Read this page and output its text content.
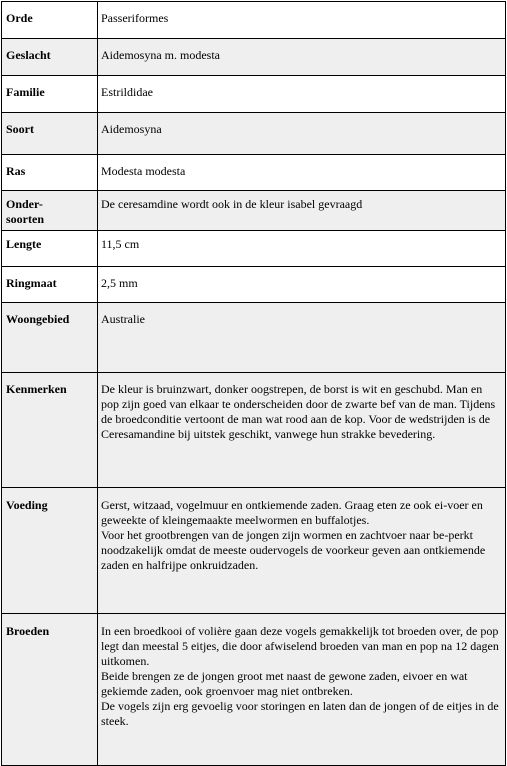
Orde	Passeriformes

Geslacht	Aidemosyna m. modesta

Familie	Estrildidae

Soort	Aidemosyna

Ras	Modesta modesta

Onder-
soorten	De ceresamdine wordt ook in de kleur isabel gevraagd

Lengte	11,5 cm

Ringmaat	2,5 mm

Woongebied	Australie

Kenmerken	De kleur is bruinzwart, donker oogstrepen, de borst is wit en geschubd. Man en pop zijn goed van elkaar te onderscheiden door de zwarte bef van de man. Tijdens de broedconditie vertoont de man wat rood aan de kop. Voor de wedstrijden is de Ceresamandine bij uitstek geschikt, vanwege hun strakke bevedering.

Voeding	Gerst, witzaad, vogelmuur en ontkiemende zaden. Graag eten ze ook ei-voer en geweekte of kleingemaakte meelwormen en buffalotjes.
Voor het grootbrengen van de jongen zijn wormen en zachtvoer naar be-perkt noodzakelijk omdat de meeste oudervogels de voorkeur geven aan ontkiemende zaden en halfrijpe onkruidzaden.

Broeden	In een broedkooi of volière gaan deze vogels gemakkelijk tot broeden over, de pop legt dan meestal 5 eitjes, die door afwiselend broeden van man en pop na 12 dagen uitkomen.
Beide brengen ze de jongen groot met naast de gewone zaden, eivoer en wat gekiemde zaden, ook groenvoer mag niet ontbreken.
De vogels zijn erg gevoelig voor storingen en laten dan de jongen of de eitjes in de steek.
